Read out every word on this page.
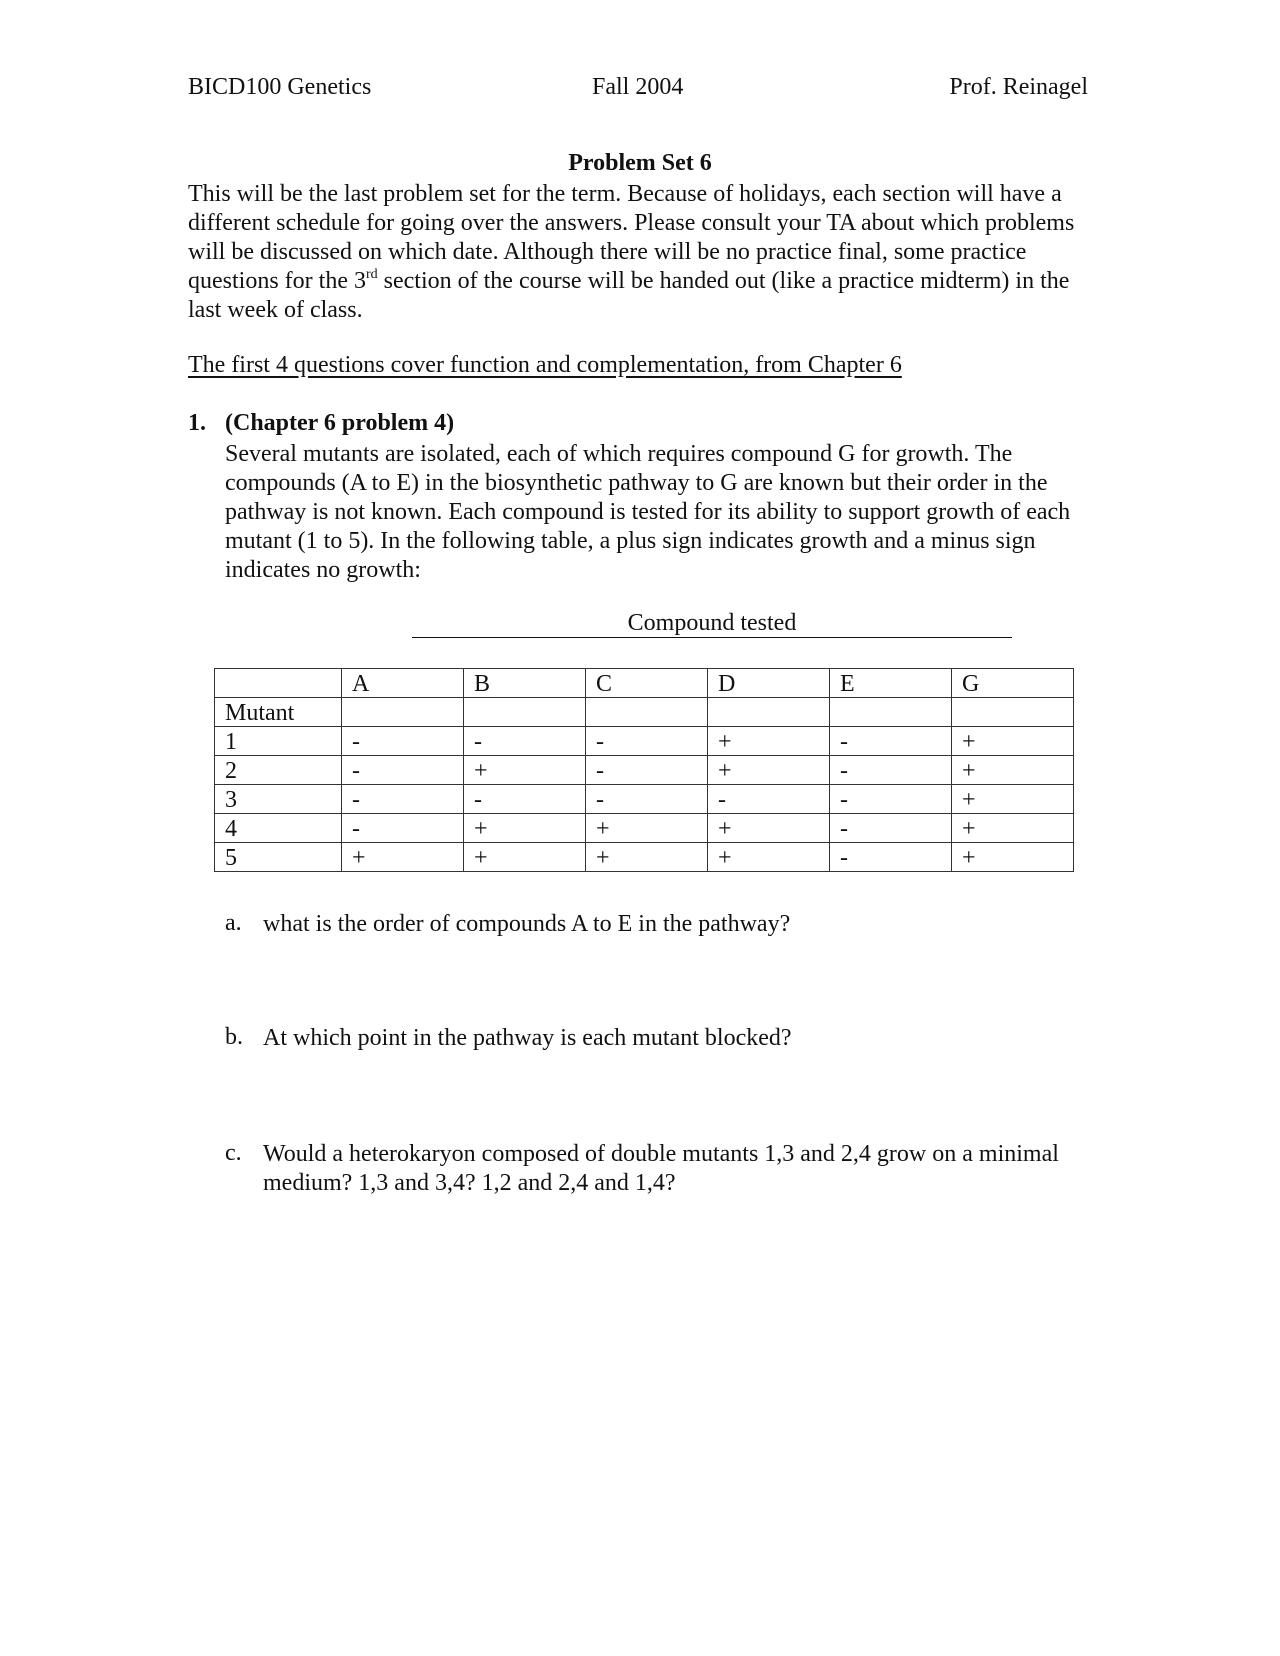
BICD100 Genetics	Fall 2004	Prof. Reinagel
Problem Set 6
This will be the last problem set for the term. Because of holidays, each section will have a different schedule for going over the answers. Please consult your TA about which problems will be discussed on which date. Although there will be no practice final, some practice questions for the 3rd section of the course will be handed out (like a practice midterm) in the last week of class.
The first 4 questions cover function and complementation, from Chapter 6
1. (Chapter 6 problem 4)
Several mutants are isolated, each of which requires compound G for growth. The compounds (A to E) in the biosynthetic pathway to G are known but their order in the pathway is not known. Each compound is tested for its ability to support growth of each mutant (1 to 5). In the following table, a plus sign indicates growth and a minus sign indicates no growth:
Compound tested
	A	B	C	D	E	G
Mutant						
1	-	-	-	+	-	+
2	-	+	-	+	-	+
3	-	-	-	-	-	+
4	-	+	+	+	-	+
5	+	+	+	+	-	+
a. what is the order of compounds A to E in the pathway?
b. At which point in the pathway is each mutant blocked?
c. Would a heterokaryon composed of double mutants 1,3 and 2,4 grow on a minimal medium? 1,3 and 3,4? 1,2 and 2,4 and 1,4?
